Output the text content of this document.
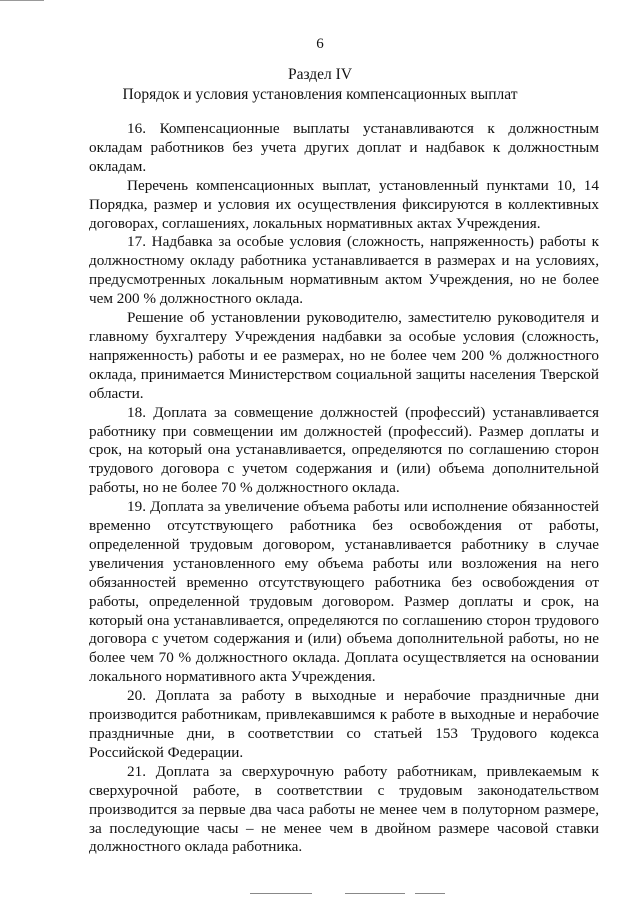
6
Раздел IV
Порядок и условия установления компенсационных выплат

16. Компенсационные выплаты устанавливаются к должностным окладам работников без учета других доплат и надбавок к должностным окладам.

Перечень компенсационных выплат, установленный пунктами 10, 14 Порядка, размер и условия их осуществления фиксируются в коллективных договорах, соглашениях, локальных нормативных актах Учреждения.

17. Надбавка за особые условия (сложность, напряженность) работы к должностному окладу работника устанавливается в размерах и на условиях, предусмотренных локальным нормативным актом Учреждения, но не более чем 200 % должностного оклада.

Решение об установлении руководителю, заместителю руководителя и главному бухгалтеру Учреждения надбавки за особые условия (сложность, напряженность) работы и ее размерах, но не более чем 200 % должностного оклада, принимается Министерством социальной защиты населения Тверской области.

18. Доплата за совмещение должностей (профессий) устанавливается работнику при совмещении им должностей (профессий). Размер доплаты и срок, на который она устанавливается, определяются по соглашению сторон трудового договора с учетом содержания и (или) объема дополнительной работы, но не более 70 % должностного оклада.

19. Доплата за увеличение объема работы или исполнение обязанностей временно отсутствующего работника без освобождения от работы, определенной трудовым договором, устанавливается работнику в случае увеличения установленного ему объема работы или возложения на него обязанностей временно отсутствующего работника без освобождения от работы, определенной трудовым договором. Размер доплаты и срок, на который она устанавливается, определяются по соглашению сторон трудового договора с учетом содержания и (или) объема дополнительной работы, но не более чем 70 % должностного оклада. Доплата осуществляется на основании локального нормативного акта Учреждения.

20. Доплата за работу в выходные и нерабочие праздничные дни производится работникам, привлекавшимся к работе в выходные и нерабочие праздничные дни, в соответствии со статьей 153 Трудового кодекса Российской Федерации.

21. Доплата за сверхурочную работу работникам, привлекаемым к сверхурочной работе, в соответствии с трудовым законодательством производится за первые два часа работы не менее чем в полуторном размере, за последующие часы – не менее чем в двойном размере часовой ставки должностного оклада работника.
